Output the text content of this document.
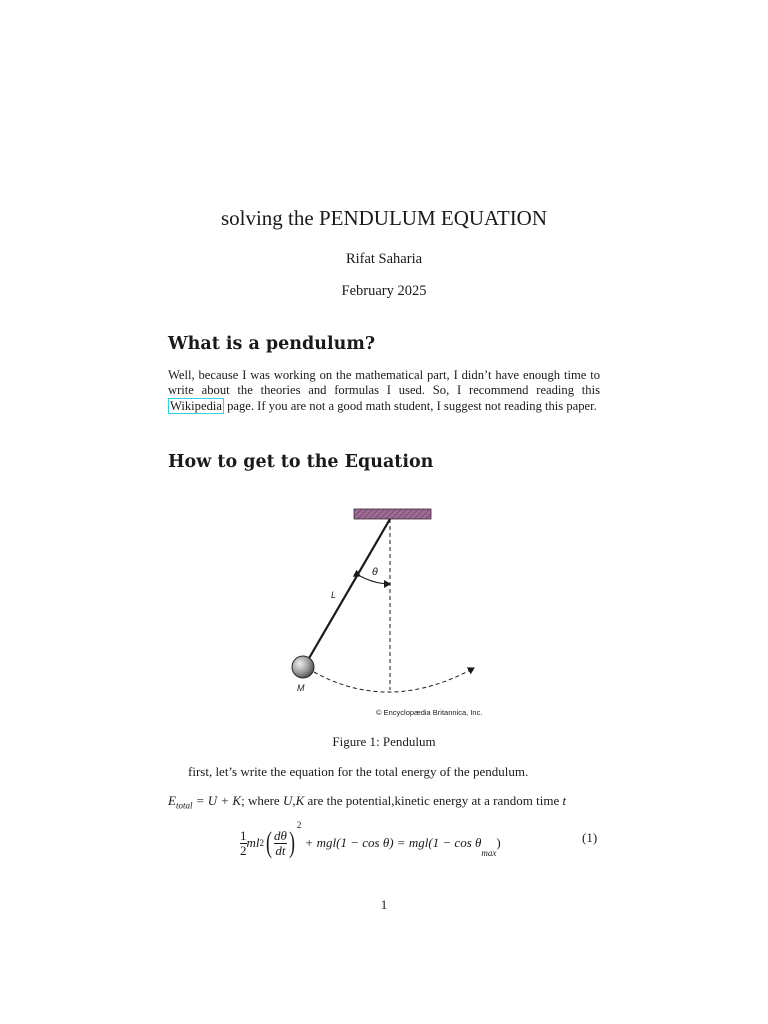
solving the PENDULUM EQUATION
Rifat Saharia
February 2025
What is a pendulum?
Well, because I was working on the mathematical part, I didn’t have enough time to write about the theories and formulas I used. So, I recommend reading this Wikipedia page. If you are not a good math student, I suggest not reading this paper.
How to get to the Equation
θ
L
M
© Encyclopædia Britannica, Inc.
Figure 1: Pendulum
first, let’s write the equation for the total energy of the pendulum.
$E_{total} = U + K$; where U,K are the potential,kinetic energy at a random time t
$\frac{1}{2}$ ml 2 ( $\frac{d\theta}{dt}$ )
$^2$
+ mgl(1 − cos θ) = mgl(1 − cos θ
$_{max}$
)	(1)
1
